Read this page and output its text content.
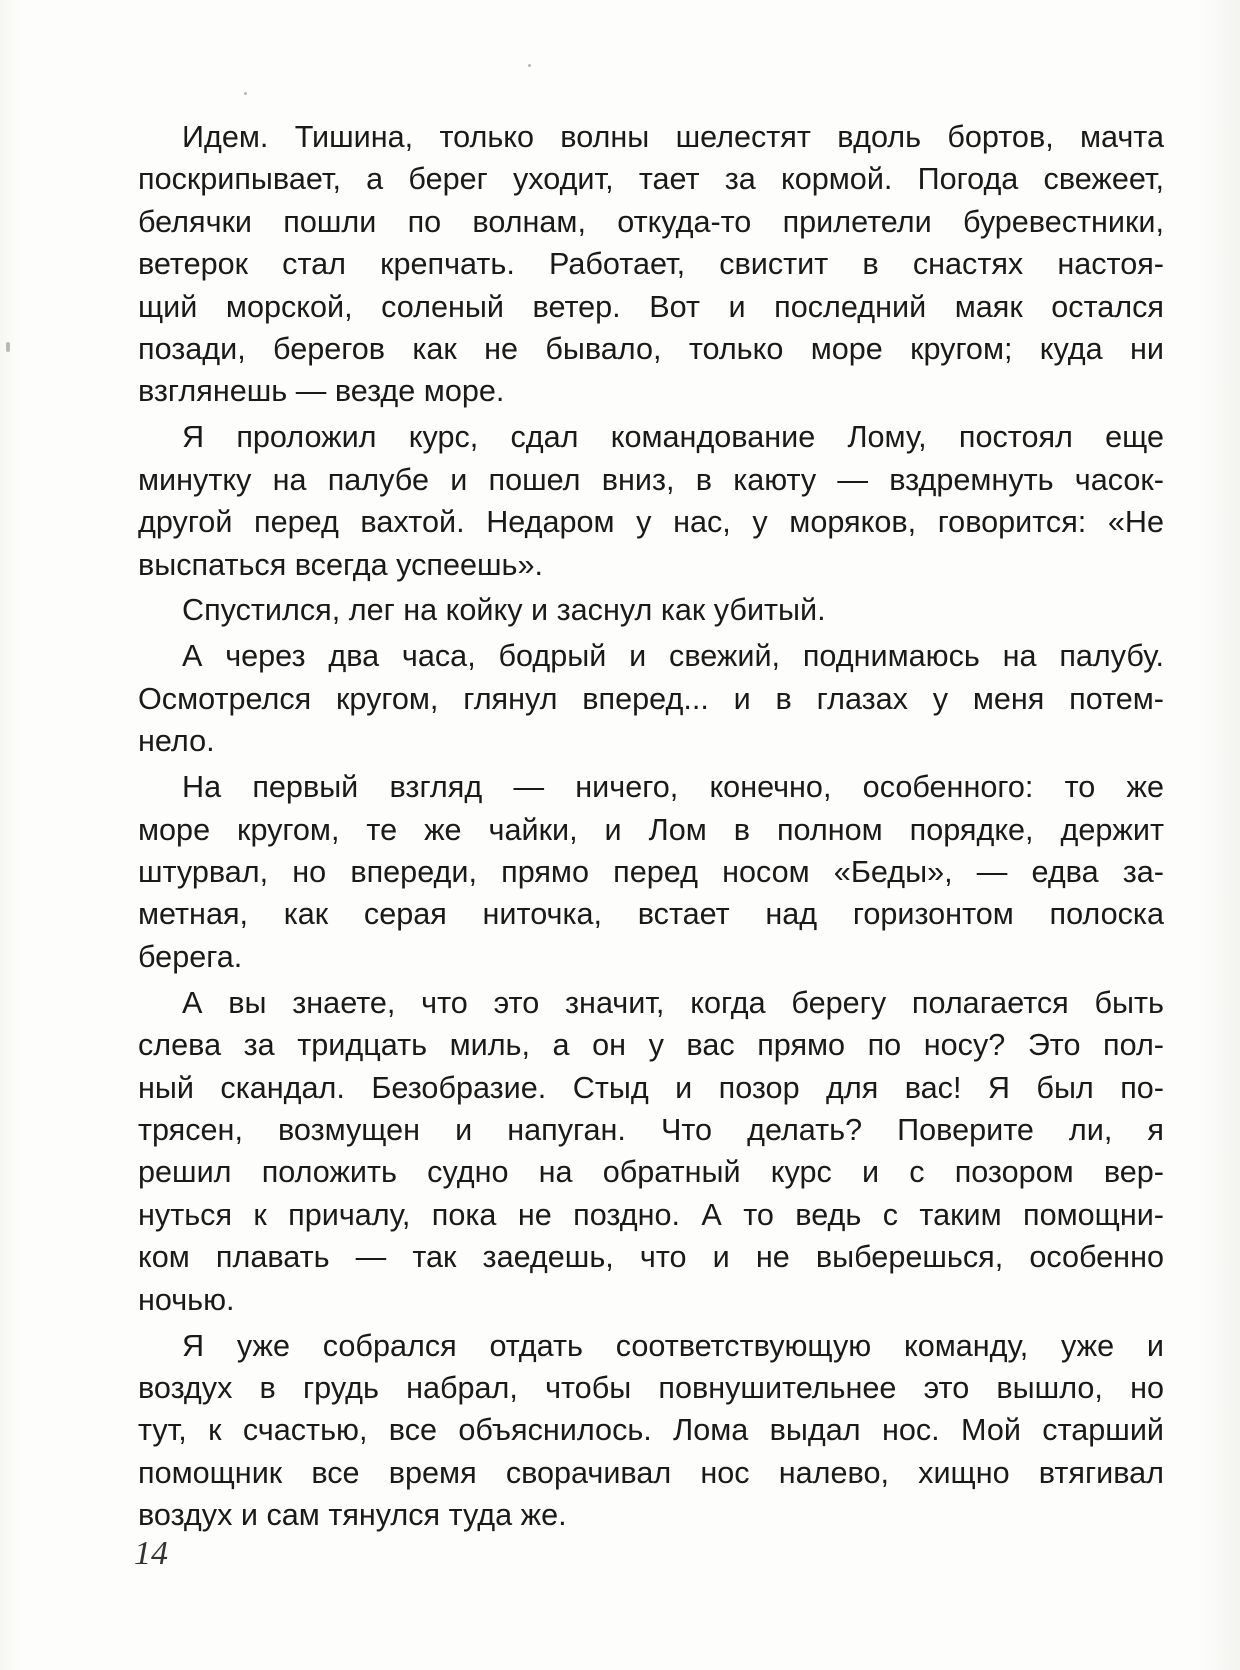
Идем. Тишина, только волны шелестят вдоль бортов, мачта
поскрипывает, а берег уходит, тает за кормой. Погода свежеет,
белячки пошли по волнам, откуда-то прилетели буревестники,
ветерок стал крепчать. Работает, свистит в снастях настоя-
щий морской, соленый ветер. Вот и последний маяк остался
позади, берегов как не бывало, только море кругом; куда ни
взглянешь — везде море.
Я проложил курс, сдал командование Лому, постоял еще
минутку на палубе и пошел вниз, в каюту — вздремнуть часок-
другой перед вахтой. Недаром у нас, у моряков, говорится: «Не
выспаться всегда успеешь».
Спустился, лег на койку и заснул как убитый.
А через два часа, бодрый и свежий, поднимаюсь на палубу.
Осмотрелся кругом, глянул вперед... и в глазах у меня потем-
нело.
На первый взгляд — ничего, конечно, особенного: то же
море кругом, те же чайки, и Лом в полном порядке, держит
штурвал, но впереди, прямо перед носом «Беды», — едва за-
метная, как серая ниточка, встает над горизонтом полоска
берега.
А вы знаете, что это значит, когда берегу полагается быть
слева за тридцать миль, а он у вас прямо по носу? Это пол-
ный скандал. Безобразие. Стыд и позор для вас! Я был по-
трясен, возмущен и напуган. Что делать? Поверите ли, я
решил положить судно на обратный курс и с позором вер-
нуться к причалу, пока не поздно. А то ведь с таким помощни-
ком плавать — так заедешь, что и не выберешься, особенно
ночью.
Я уже собрался отдать соответствующую команду, уже и
воздух в грудь набрал, чтобы повнушительнее это вышло, но
тут, к счастью, все объяснилось. Лома выдал нос. Мой старший
помощник все время сворачивал нос налево, хищно втягивал
воздух и сам тянулся туда же.
14
